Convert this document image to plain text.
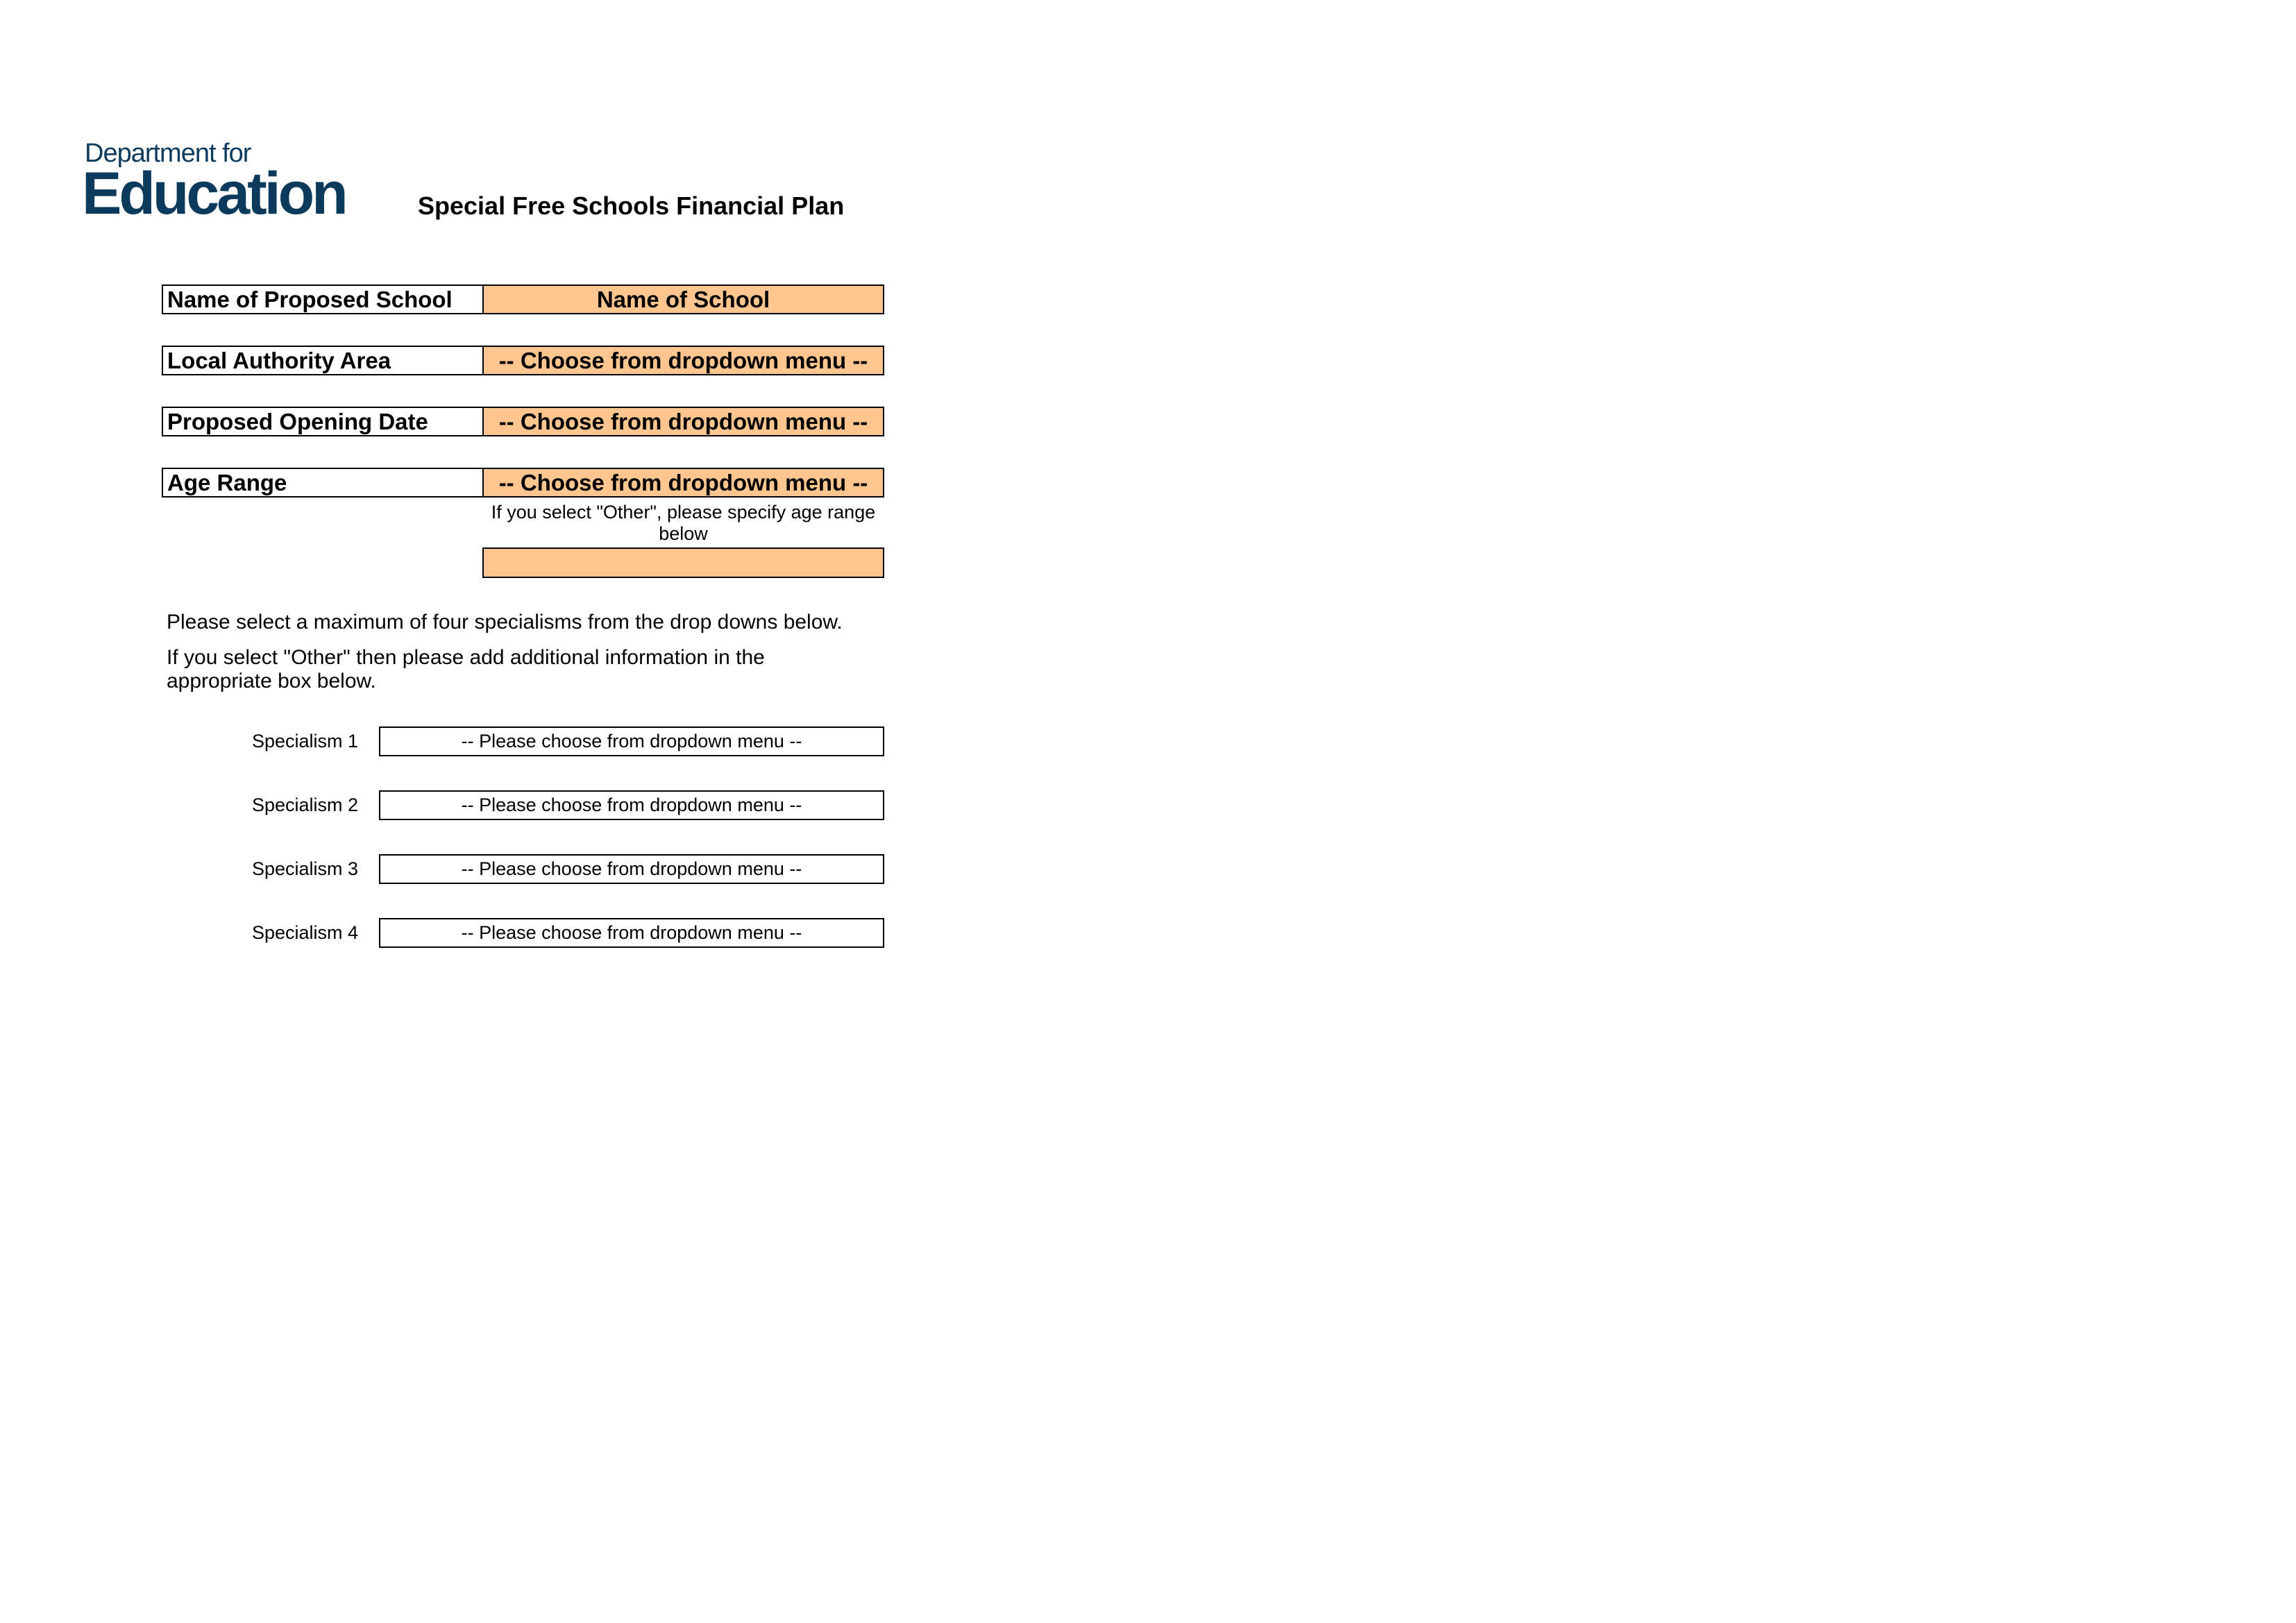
Department for
Education	Special Free Schools Financial Plan
Name of Proposed School	Name of School
Local Authority Area	-- Choose from dropdown menu --
Proposed Opening Date	-- Choose from dropdown menu --
Age Range	-- Choose from dropdown menu --
If you select "Other", please specify age range below
Please select a maximum of four specialisms from the drop downs below.
If you select "Other" then please add additional information in the appropriate box below.
Specialism 1	-- Please choose from dropdown menu --
Specialism 2	-- Please choose from dropdown menu --
Specialism 3	-- Please choose from dropdown menu --
Specialism 4	-- Please choose from dropdown menu --
